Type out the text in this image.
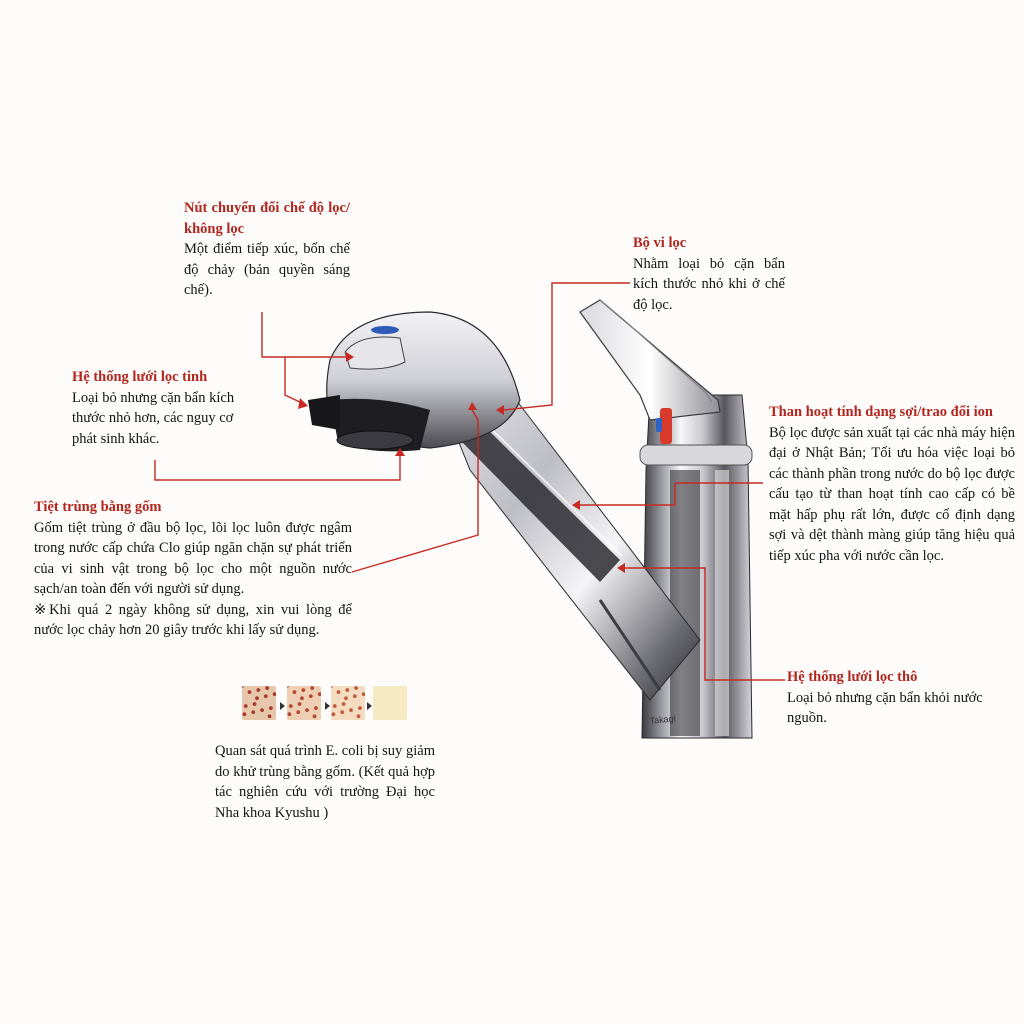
Takagi
Nút chuyển đổi chế độ lọc/ không lọc
Một điểm tiếp xúc, bốn chế độ chảy (bản quyền sáng chế).
Hệ thống lưới lọc tinh
Loại bỏ nhưng cặn bẩn kích thước nhỏ hơn, các nguy cơ phát sinh khác.
Tiệt trùng bằng gốm
Gốm tiệt trùng ở đầu bộ lọc, lõi lọc luôn được ngâm trong nước cấp chứa Clo giúp ngăn chặn sự phát triển của vi sinh vật trong bộ lọc cho một nguồn nước sạch/an toàn đến với người sử dụng.
※Khi quá 2 ngày không sử dụng, xin vui lòng để nước lọc chảy hơn 20 giây trước khi lấy sử dụng.
Bộ vi lọc
Nhằm loại bỏ cặn bẩn kích thước nhỏ khi ở chế độ lọc.
Than hoạt tính dạng sợi/trao đổi ion
Bộ lọc được sản xuất tại các nhà máy hiện đại ở Nhật Bản; Tối ưu hóa việc loại bỏ các thành phần trong nước do bộ lọc được cấu tạo từ than hoạt tính cao cấp có bề mặt hấp phụ rất lớn, được cố định dạng sợi và dệt thành màng giúp tăng hiệu quả tiếp xúc pha với nước cần lọc.
Hệ thống lưới lọc thô
Loại bỏ nhưng cặn bẩn khỏi nước nguồn.
Quan sát quá trình E. coli bị suy giảm do khử trùng bằng gốm. (Kết quả hợp tác nghiên cứu với trường Đại học Nha khoa Kyushu )
